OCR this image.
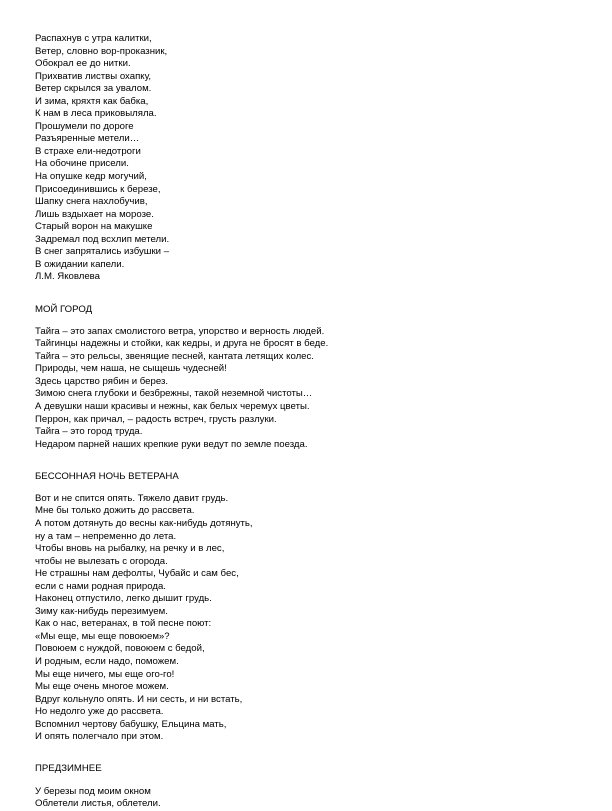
Распахнув с утра калитки,

Ветер, словно вор-проказник,

Обокрал ее до нитки.

Прихватив листвы охапку,

Ветер скрылся за увалом.

И зима, кряхтя как бабка,

К нам в леса приковыляла.

Прошумели по дороге

Разъяренные метели…

В страхе ели-недотроги

На обочине присели.

На опушке кедр могучий,

Присоединившись к березе,

Шапку снега нахлобучив,

Лишь вздыхает на морозе.

Старый ворон на макушке

Задремал под всхлип метели.

В снег запрятались избушки –

В ожидании капели.

Л.М. Яковлева

МОЙ ГОРОД

Тайга – это запах смолистого ветра, упорство и верность людей.

Тайгинцы надежны и стойки, как кедры, и друга не бросят в беде.

Тайга – это рельсы, звенящие песней, кантата летящих колес.

Природы, чем наша, не сыщешь чудесней!

Здесь царство рябин и берез.

Зимою снега глубоки и безбрежны, такой неземной чистоты…

А девушки наши красивы и нежны, как белых черемух цветы.

Перрон, как причал, – радость встреч, грусть разлуки.

Тайга – это город труда.

Недаром парней наших крепкие руки ведут по земле поезда.

БЕССОННАЯ НОЧЬ ВЕТЕРАНА

Вот и не спится опять. Тяжело давит грудь.

Мне бы только дожить до рассвета.

А потом дотянуть до весны как-нибудь дотянуть,

ну а там – непременно до лета.

Чтобы вновь на рыбалку, на речку и в лес,

чтобы не вылезать с огорода.

Не страшны нам дефолты, Чубайс и сам бес,

если с нами родная природа.

Наконец отпустило, легко дышит грудь.

Зиму как-нибудь перезимуем.

Как о нас, ветеранах, в той песне поют:

«Мы еще, мы еще повоюем»?

Повоюем с нуждой, повоюем с бедой,

И родным, если надо, поможем.

Мы еще ничего, мы еще ого-го!

Мы еще очень многое можем.

Вдруг кольнуло опять. И ни сесть, и ни встать,

Но недолго уже до рассвета.

Вспомнил чертову бабушку, Ельцина мать,

И опять полегчало при этом.

ПРЕДЗИМНЕЕ

У березы под моим окном

Облетели листья, облетели.
